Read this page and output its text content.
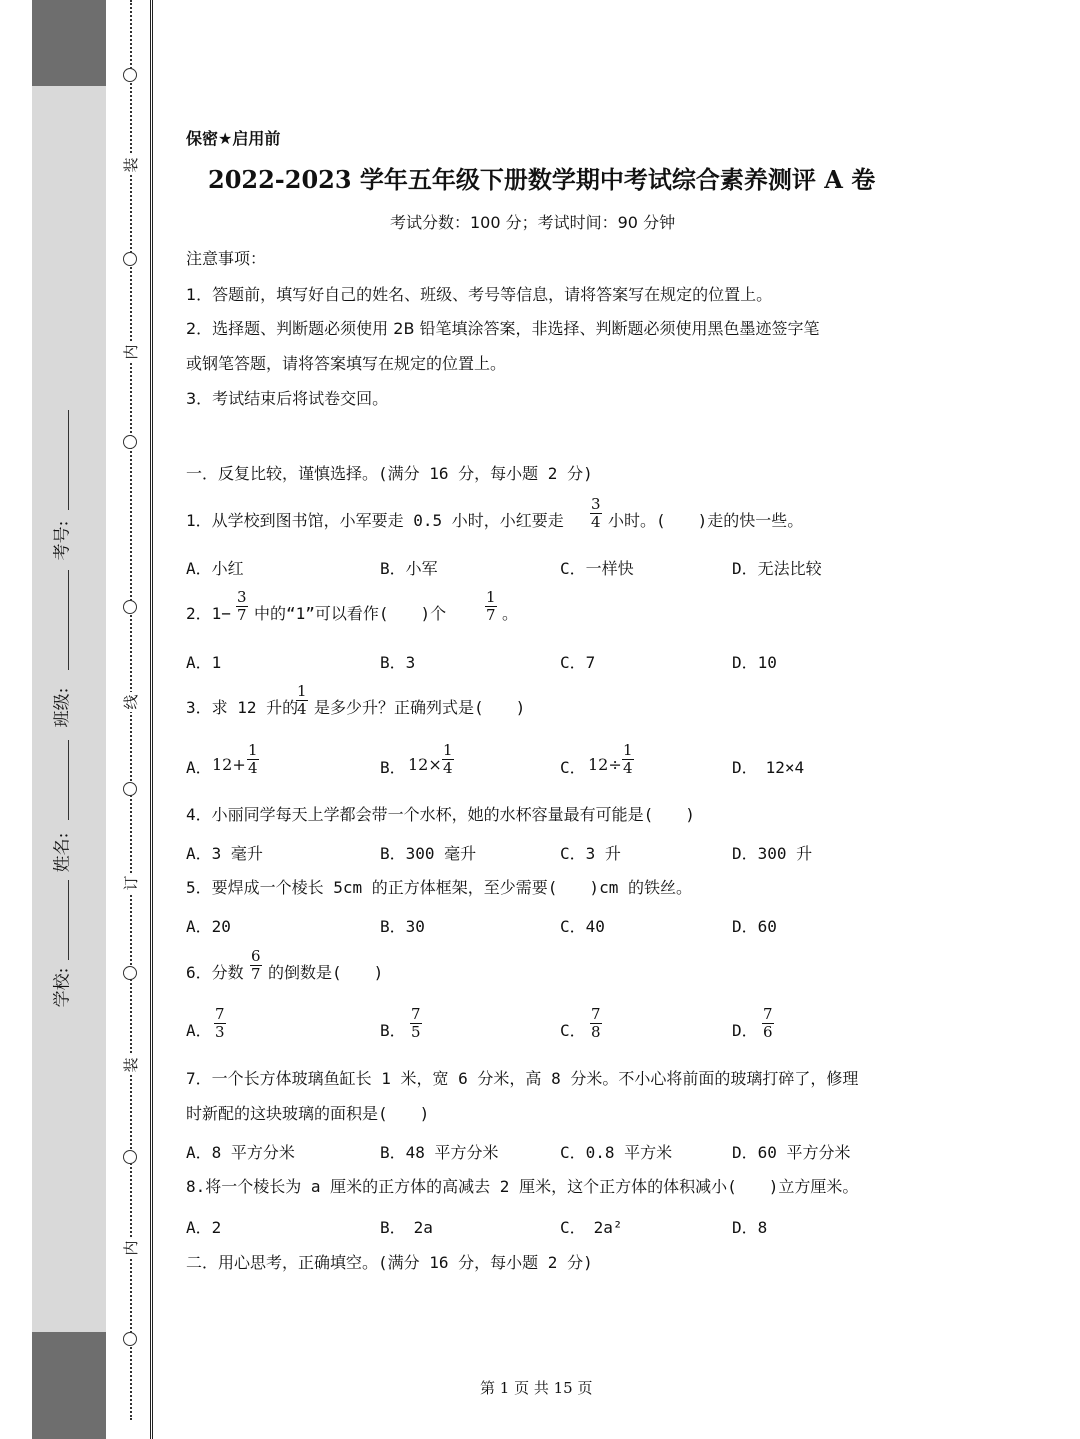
装
内
线
订
装
内
考号:
班级:
姓名:
学校:
保密★启用前
2022-2023 学年五年级下册数学期中考试综合素养测评 A 卷
考试分数：100 分；考试时间：90 分钟
注意事项：
1．答题前，填写好自己的姓名、班级、考号等信息，请将答案写在规定的位置上。
2．选择题、判断题必须使用 2B 铅笔填涂答案，非选择、判断题必须使用黑色墨迹签字笔
或钢笔答题，请将答案填写在规定的位置上。
3．考试结束后将试卷交回。
一．反复比较，谨慎选择。(满分 16 分，每小题 2 分)
1．从学校到图书馆，小军要走 0.5 小时，小红要走 $\frac{3}{4}$ 小时。(　　)走的快一些。
A．小红	B．小军	C．一样快	D．无法比较
2．$1- \frac{3}{7}$ 中的“1”可以看作(　　)个	$\frac{1}{7}$ 。
A．1	B．3	C．7	D．10
3．求 12 升的
$\frac{1}{4}$ 是多少升？正确列式是(　　)
A． $12+ \frac{1}{4}$	B． $12\times \frac{1}{4}$	C． $12\div \frac{1}{4}$	D．　12×4
4．小丽同学每天上学都会带一个水杯，她的水杯容量最有可能是(　　)
A．3 毫升	B．300 毫升	C．3 升	D．300 升
5．要焊成一个棱长 5cm 的正方体框架，至少需要(　　)cm 的铁丝。
A．20	B．30	C．40	D．60
6．分数 $\frac{6}{7}$ 的倒数是(　　)
A． $\frac{7}{3}$	B． $\frac{7}{5}$	C． $\frac{7}{8}$	D． $\frac{7}{6}$
7．一个长方体玻璃鱼缸长 1 米，宽 6 分米，高 8 分米。不小心将前面的玻璃打碎了，修理
时新配的这块玻璃的面积是(　　)
A．8 平方分米	B．48 平方分米	C．0.8 平方米	D．60 平方分米
8.将一个棱长为 a 厘米的正方体的高减去 2 厘米，这个正方体的体积减小(　　)立方厘米。
A．2	B．　2a	C．　2a²	D．8
二．用心思考，正确填空。(满分 16 分，每小题 2 分)
第 1 页 共 15 页
